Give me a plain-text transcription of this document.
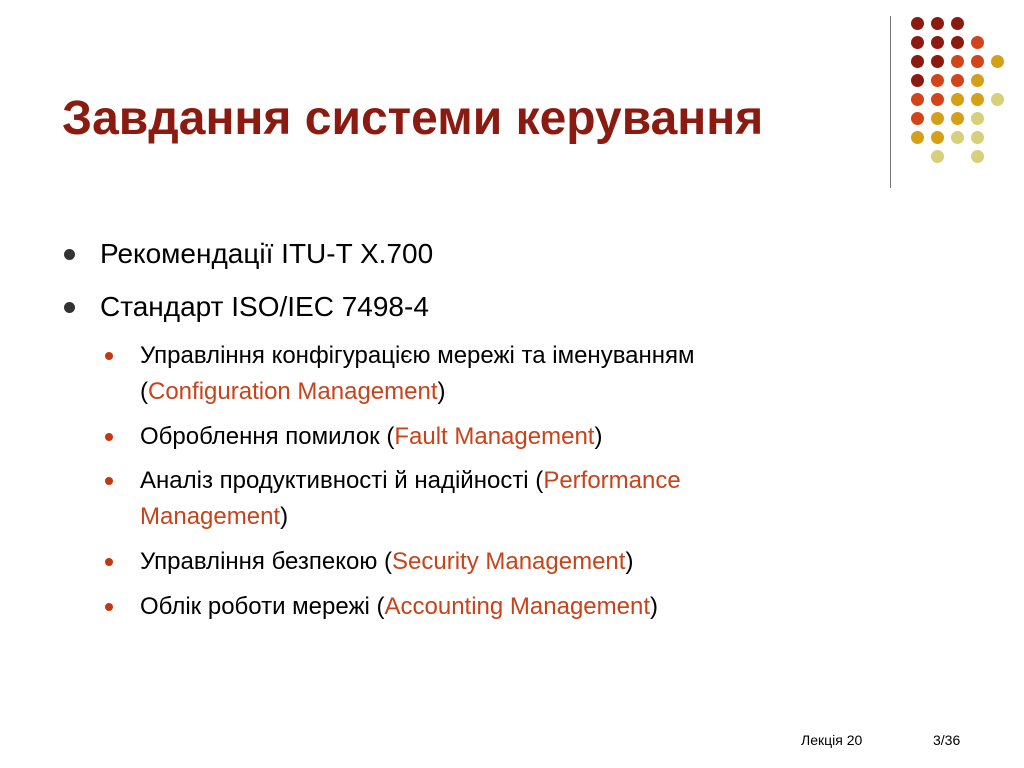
Завдання системи керування
Рекомендації ITU-T X.700
Стандарт ISO/IEC 7498-4
Управління конфігурацією мережі та іменуванням
(Configuration Management)
Оброблення помилок (Fault Management)
Аналіз продуктивності й надійності (Performance
Management)
Управління безпекою (Security Management)
Облік роботи мережі (Accounting Management)
Лекція 20	3/36
